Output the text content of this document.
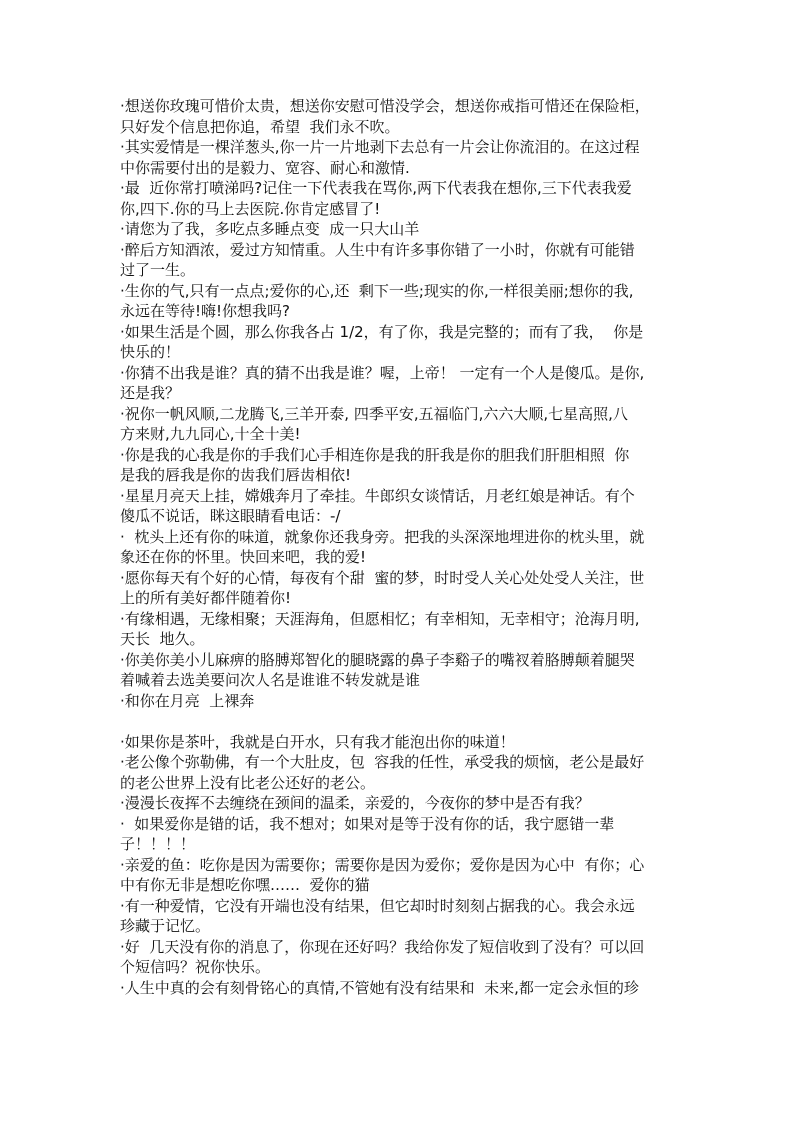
·想送你玫瑰可惜价太贵，想送你安慰可惜没学会，想送你戒指可惜还在保险柜，
只好发个信息把你追，希望  我们永不吹。
·其实爱情是一棵洋葱头,你一片一片地剥下去总有一片会让你流泪的。在这过程
中你需要付出的是毅力、宽容、耐心和激情.
·最  近你常打喷涕吗?记住一下代表我在骂你,两下代表我在想你,三下代表我爱
你,四下.你的马上去医院.你肯定感冒了!
·请您为了我，多吃点多睡点变  成一只大山羊
·醉后方知酒浓，爱过方知情重。人生中有许多事你错了一小时，你就有可能错
过了一生。
·生你的气,只有一点点;爱你的心,还  剩下一些;现实的你,一样很美丽;想你的我,
永远在等待!嗨!你想我吗?
·如果生活是个圆，那么你我各占 1/2，有了你，我是完整的；而有了我，  你是
快乐的！
·你猜不出我是谁？真的猜不出我是谁？喔，上帝！ 一定有一个人是傻瓜。是你,
还是我？
·祝你一帆风顺,二龙腾飞,三羊开泰, 四季平安,五福临门,六六大顺,七星高照,八
方来财,九九同心,十全十美!
·你是我的心我是你的手我们心手相连你是我的肝我是你的胆我们肝胆相照  你
是我的唇我是你的齿我们唇齿相依!
·星星月亮天上挂，嫦娥奔月了牵挂。牛郎织女谈情话，月老红娘是神话。有个
傻瓜不说话，眯这眼睛看电话：-/
·  枕头上还有你的味道，就象你还我身旁。把我的头深深地埋进你的枕头里，就
象还在你的怀里。快回来吧，我的爱!
·愿你每天有个好的心情，每夜有个甜  蜜的梦，时时受人关心处处受人关注，世
上的所有美好都伴随着你!
·有缘相遇，无缘相聚；天涯海角，但愿相忆；有幸相知，无幸相守；沧海月明,
天长  地久。
·你美你美小儿麻痹的胳膊郑智化的腿晓露的鼻子李谿子的嘴衩着胳膊颠着腿哭
着喊着去选美要问次人名是谁谁不转发就是谁
·和你在月亮  上裸奔
·如果你是茶叶，我就是白开水，只有我才能泡出你的味道！
·老公像个弥勒佛，有一个大肚皮，包  容我的任性，承受我的烦恼，老公是最好
的老公世界上没有比老公还好的老公。
·漫漫长夜挥不去缠绕在颈间的温柔，亲爱的，今夜你的梦中是否有我？
·  如果爱你是错的话，我不想对；如果对是等于没有你的话，我宁愿错一辈
子！！！！
·亲爱的鱼：吃你是因为需要你；需要你是因为爱你；爱你是因为心中  有你；心
中有你无非是想吃你嘿……  爱你的猫
·有一种爱情，它没有开端也没有结果，但它却时时刻刻占据我的心。我会永远
珍藏于记忆。
·好  几天没有你的消息了，你现在还好吗？我给你发了短信收到了没有？可以回
个短信吗？祝你快乐。
·人生中真的会有刻骨铭心的真情,不管她有没有结果和  未来,都一定会永恒的珍
